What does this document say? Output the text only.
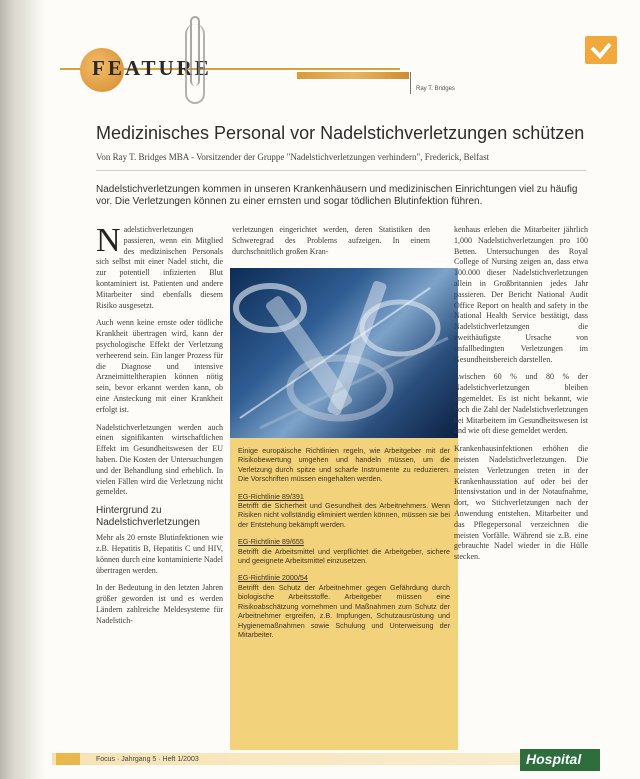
FEATURE
Ray T. Bridges
Medizinisches Personal vor Nadelstichverletzungen schützen
Von Ray T. Bridges MBA - Vorsitzender der Gruppe "Nadelstichverletzungen verhindern", Frederick, Belfast
Nadelstichverletzungen kommen in unseren Krankenhäusern und medizinischen Einrichtungen viel zu häufig vor. Die Verletzungen können zu einer ernsten und sogar tödlichen Blutinfektion führen.

Nadelstichverletzungen passieren, wenn ein Mitglied des medizinischen Personals sich selbst mit einer Nadel sticht, die zur potentiell infizierten Blut kontaminiert ist. Patienten und andere Mitarbeiter sind ebenfalls diesem Risiko ausgesetzt.

Auch wenn keine ernste oder tödliche Krankheit übertragen wird, kann der psychologische Effekt der Verletzung verheerend sein. Ein langer Prozess für die Diagnose und intensive Arzneimitteltherapien können nötig sein, bevor erkannt werden kann, ob eine Ansteckung mit einer Krankheit erfolgt ist.

Nadelstichverletzungen werden auch einen signifikanten wirtschaftlichen Effekt im Gesundheitswesen der EU haben. Die Kosten der Untersuchungen und der Behandlung sind erheblich. In vielen Fällen wird die Verletzung nicht gemeldet.

Hintergrund zu Nadelstichverletzungen

Mehr als 20 ernste Blutinfektionen wie z.B. Hepatitis B, Hepatitis C und HIV, können durch eine kontaminierte Nadel übertragen werden.

In der Bedeutung in den letzten Jahren größer geworden ist und es werden Ländern zahlreiche Meldesysteme für Nadelstich-

verletzungen eingerichtet werden, deren Statistiken den Schweregrad des Problems aufzeigen. In einem durchschnittlich großen Kran-

Einige europäische Richtlinien regeln, wie Arbeitgeber mit der Risikobewertung umgehen und handeln müssen, um die Verletzung durch spitze und scharfe Instrumente zu reduzieren. Die Vorschriften müssen eingehalten werden.

EG-Richtlinie 89/391
Betrifft die Sicherheit und Gesundheit des Arbeitnehmers. Wenn Risiken nicht vollständig eliminiert werden können, müssen sie bei der Entstehung bekämpft werden.
EG-Richtlinie 89/655
Betrifft die Arbeitsmittel und verpflichtet die Arbeitgeber, sichere und geeignete Arbeitsmittel einzusetzen.
EG-Richtlinie 2000/54
Betrifft den Schutz der Arbeitnehmer gegen Gefährdung durch biologische Arbeitsstoffe. Arbeitgeber müssen eine Risikoabschätzung vornehmen und Maßnahmen zum Schutz der Arbeitnehmer ergreifen, z.B. Impfungen, Schutzausrüstung und Hygienemaßnahmen sowie Schulung und Unterweisung der Mitarbeiter.

kenhaus erleben die Mitarbeiter jährlich 1,000 Nadelstichverletzungen pro 100 Betten. Untersuchungen des Royal College of Nursing zeigen an, dass etwa 100.000 dieser Nadelstichverletzungen allein in Großbritannien jedes Jahr passieren. Der Bericht National Audit Office Report on health and safety in the National Health Service bestätigt, dass Nadelstichverletzungen die zweithäufigste Ursache von unfallbedingten Verletzungen im Gesundheitsbereich darstellen.

Zwischen 60 % und 80 % der Nadelstichverletzungen bleiben ungemeldet. Es ist nicht bekannt, wie hoch die Zahl der Nadelstichverletzungen bei Mitarbeitern im Gesundheitswesen ist und wie oft diese gemeldet werden.

Krankenhausinfektionen erhöhen die meisten Nadelstichverletzungen. Die meisten Verletzungen treten in der Krankenhausstation auf oder bei der Intensivstation und in der Notaufnahme, dort, wo Stichverletzungen nach der Anwendung entstehen. Mitarbeiter und das Pflegepersonal verzeichnen die meisten Vorfälle. Während sie z.B. eine gebrauchte Nadel wieder in die Hülle stecken.

Focus · Jahrgang 5 · Heft 1/2003	Hospital
